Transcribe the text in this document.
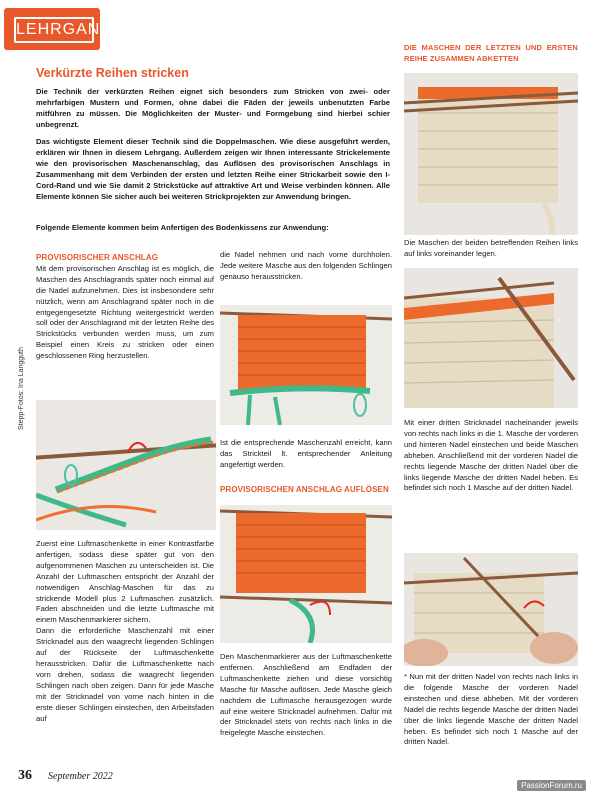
LEHRGANG
Verkürzte Reihen stricken

Die Technik der verkürzten Reihen eignet sich besonders zum Stricken von zwei- oder mehrfarbigen Mustern und Formen, ohne dabei die Fäden der jeweils unbenutzten Farbe mitführen zu müssen. Die Möglichkeiten der Muster- und Formgebung sind hierbei schier unbegrenzt.

Das wichtigste Element dieser Technik sind die Doppelmaschen. Wie diese ausgeführt werden, erklären wir Ihnen in diesem Lehrgang. Außerdem zeigen wir Ihnen interessante Strickelemente wie den provisorischen Maschenanschlag, das Auflösen des provisorischen Anschlags in Zusammenhang mit dem Verbinden der ersten und letzten Reihe einer Strickarbeit sowie den I-Cord-Rand und wie Sie damit 2 Strickstücke auf attraktive Art und Weise verbinden können. Alle Elemente können Sie sicher auch bei weiteren Strickprojekten zur Anwendung bringen.

Folgende Elemente kommen beim Anfertigen des Bodenkissens zur Anwendung:

Stepp-Fotos: Ina Langguth

PROVISORISCHER ANSCHLAG

Mit dem provisorischen Anschlag ist es möglich, die Maschen des Anschlagrands später noch einmal auf die Nadel aufzunehmen. Dies ist insbesondere sehr nützlich, wenn am Anschlagrand später noch in die entgegengesetzte Richtung weitergestrickt werden soll oder der Anschlagrand mit der letzten Reihe des Strickstücks verbunden werden muss, um zum Beispiel einen Kreis zu stricken oder einen geschlossenen Ring herzustellen.

Zuerst eine Luftmaschenkette in einer Kontrastfarbe anfertigen, sodass diese später gut von den aufgenommenen Maschen zu unterscheiden ist. Die Anzahl der Luftmaschen entspricht der Anzahl der notwendigen Anschlag-Maschen für das zu strickende Modell plus 2 Luftmaschen zusätzlich. Faden abschneiden und die letzte Luftmasche mit einem Maschenmarkierer sichern.

Dann die erforderliche Maschenzahl mit einer Stricknadel aus den waagrecht liegenden Schlingen auf der Rückseite der Luftmaschenkette herausstricken. Dafür die Luftmaschenkette nach vorn drehen, sodass die waagrecht liegenden Schlingen nach oben zeigen. Dann für jede Masche mit der Stricknadel von vorne nach hinten in die erste dieser Schlingen einstechen, den Arbeitsfaden auf

die Nadel nehmen und nach vorne durchholen. Jede weitere Masche aus den folgenden Schlingen genauso herausstricken.

Ist die entsprechende Maschenzahl erreicht, kann das Strickteil lt. entsprechender Anleitung angefertigt werden.

PROVISORISCHEN ANSCHLAG AUFLÖSEN

Den Maschenmarkierer aus der Luftmaschenkette entfernen. Anschließend am Endfaden der Luftmaschenkette ziehen und diese vorsichtig Masche für Masche auflösen. Jede Masche gleich nachdem die Luftmasche herausgezogen wurde auf eine weitere Stricknadel aufnehmen. Dafür mit der Stricknadel stets von rechts nach links in die freigelegte Masche einstechen.

DIE MASCHEN DER LETZTEN UND ERSTEN REIHE ZUSAMMEN ABKETTEN

Die Maschen der beiden betreffenden Reihen links auf links voreinander legen.

Mit einer dritten Stricknadel nacheinander jeweils von rechts nach links in die 1. Masche der vorderen und hinteren Nadel einstechen und beide Maschen abheben. Anschließend mit der vorderen Nadel die rechts liegende Masche der dritten Nadel über die links liegende Masche der dritten Nadel heben. Es befindet sich noch 1 Masche auf der dritten Nadel.

* Nun mit der dritten Nadel von rechts nach links in die folgende Masche der vorderen Nadel einstechen und diese abheben. Mit der vorderen Nadel die rechts liegende Masche der dritten Nadel über die links liegende Masche der dritten Nadel heben. Es befindet sich noch 1 Masche auf der dritten Nadel.

36 September 2022
PassionForum.ru
